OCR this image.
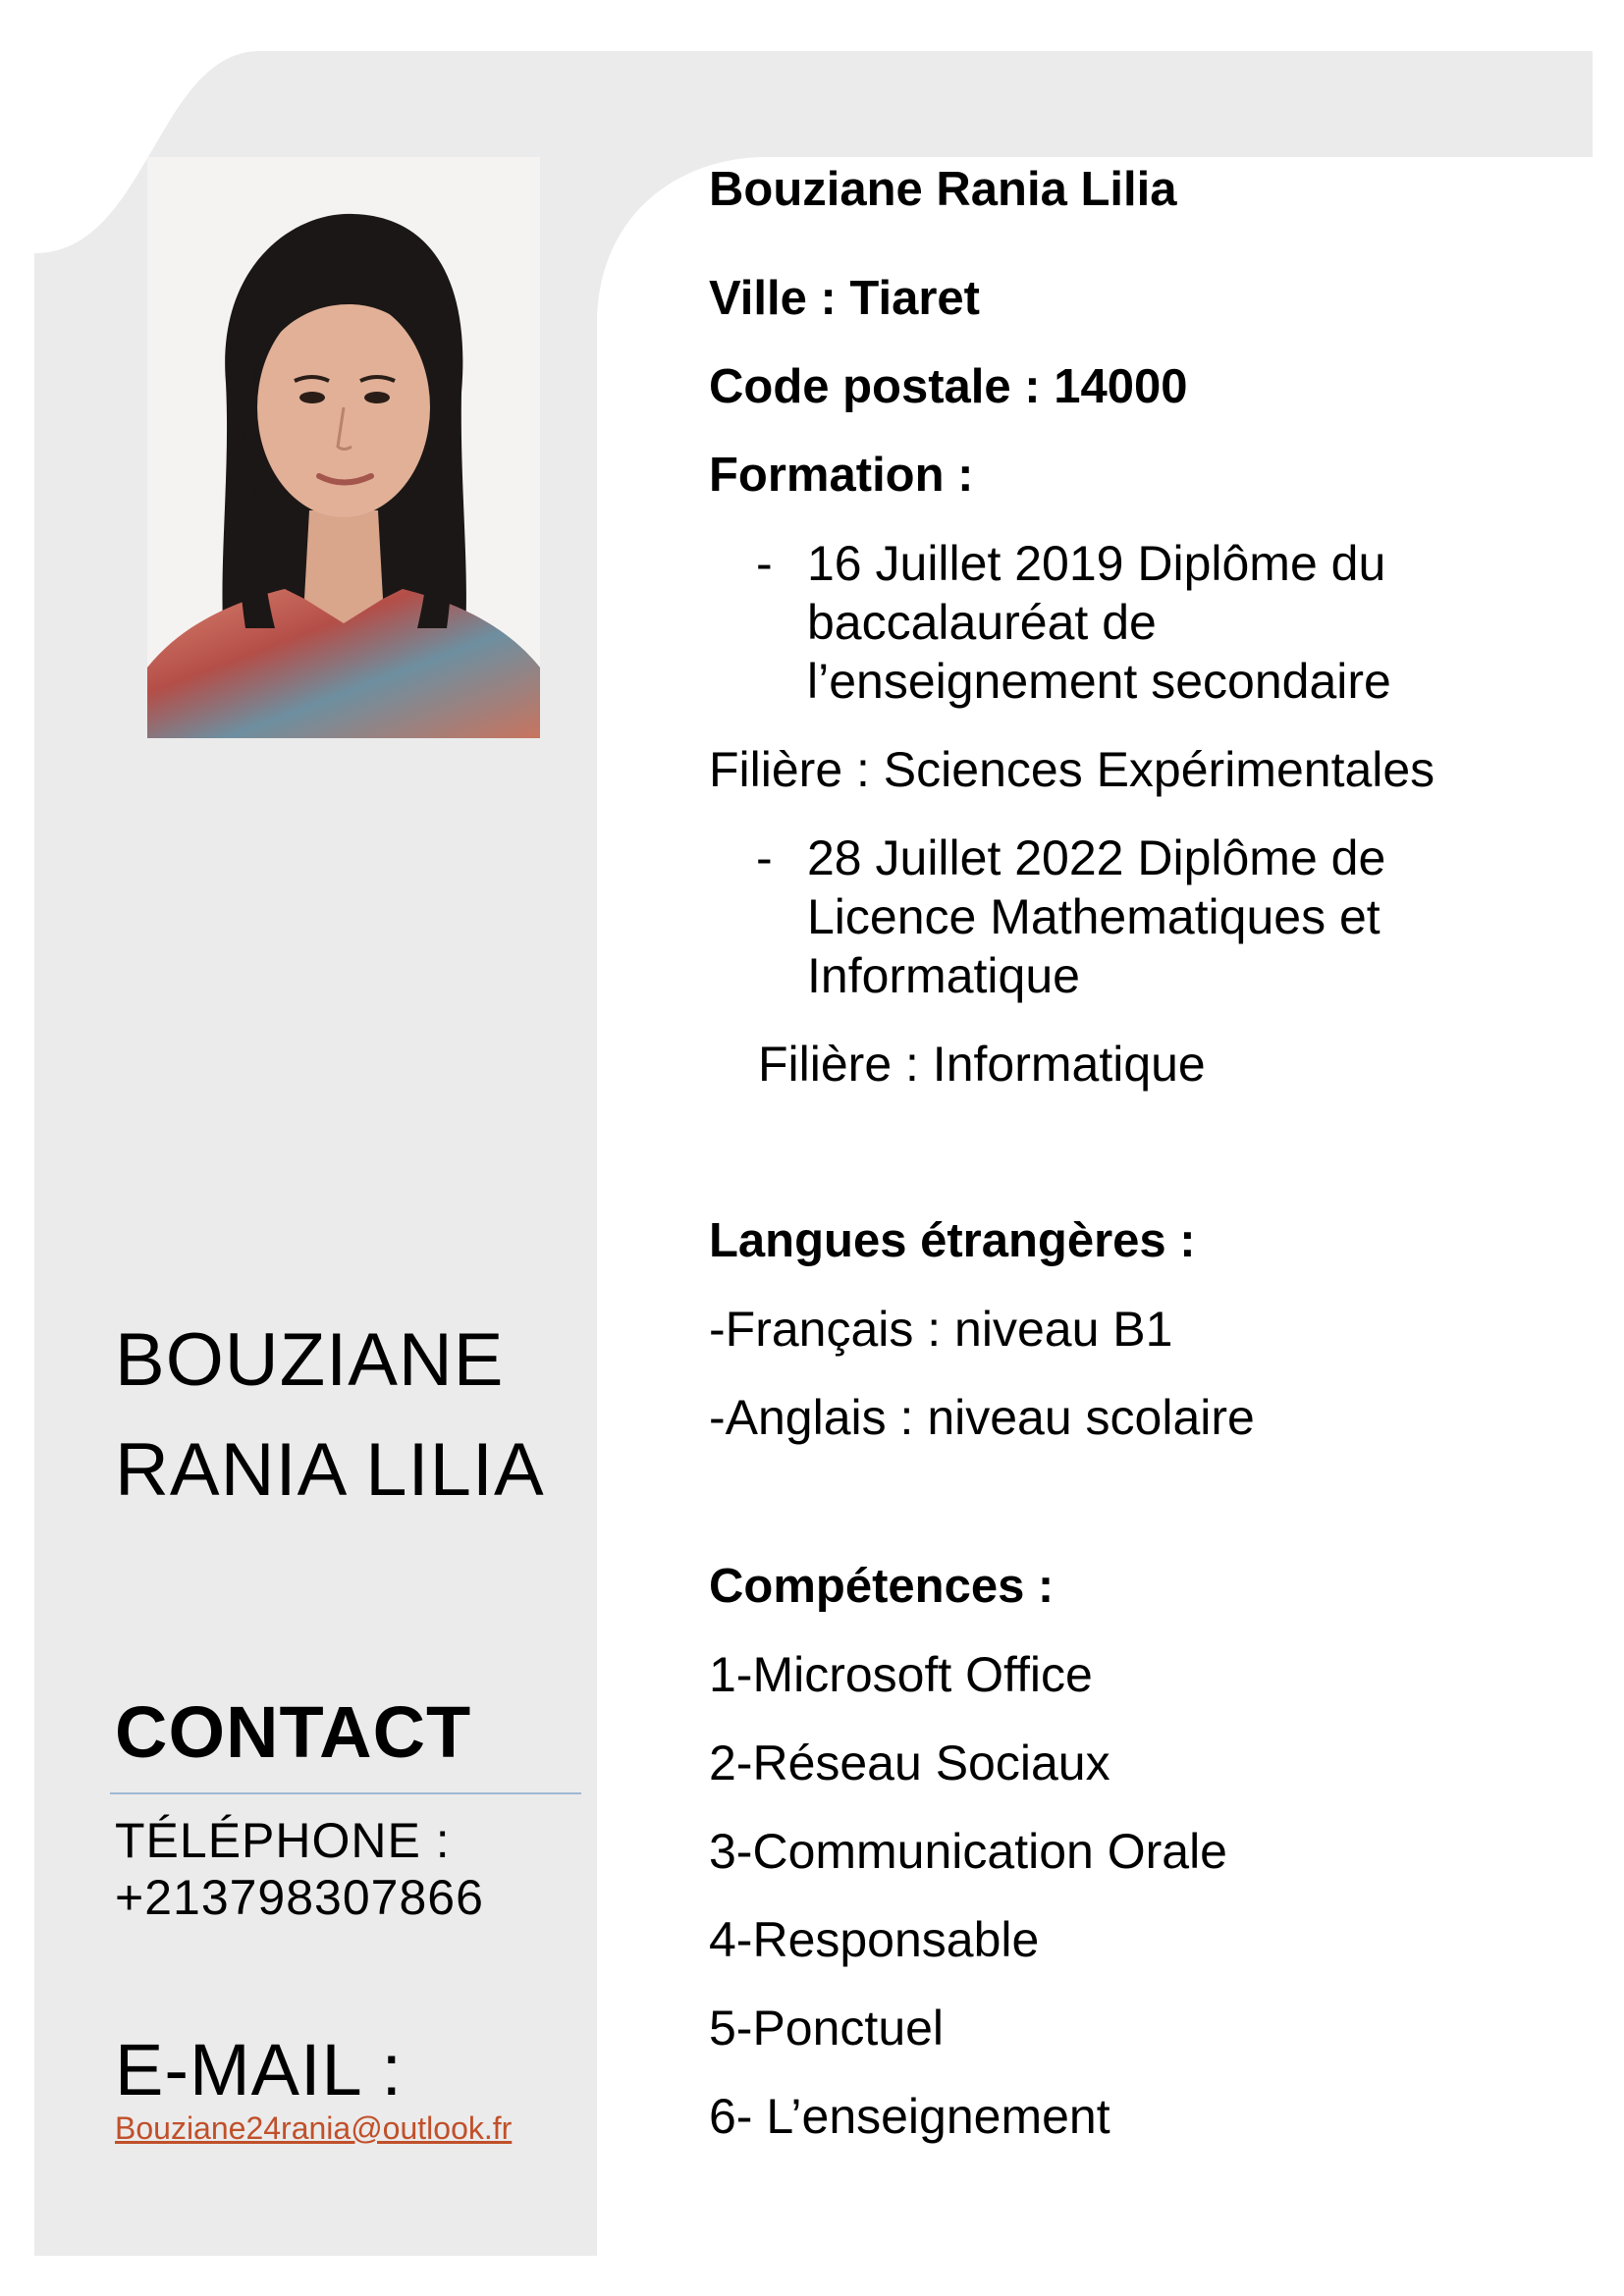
BOUZIANE
RANIA LILIA
CONTACT
TÉLÉPHONE :
+213798307866
E-MAIL :
Bouziane24rania@outlook.fr
Bouziane Rania Lilia
Ville : Tiaret
Code postale : 14000
Formation :
- 16 Juillet 2019 Diplôme du
baccalauréat de
l’enseignement secondaire
Filière : Sciences Expérimentales
- 28 Juillet 2022 Diplôme de
Licence Mathematiques et
Informatique
Filière : Informatique
Langues étrangères :
-Français : niveau B1
-Anglais : niveau scolaire
Compétences :
1-Microsoft Office
2-Réseau Sociaux
3-Communication Orale
4-Responsable
5-Ponctuel
6- L’enseignement
